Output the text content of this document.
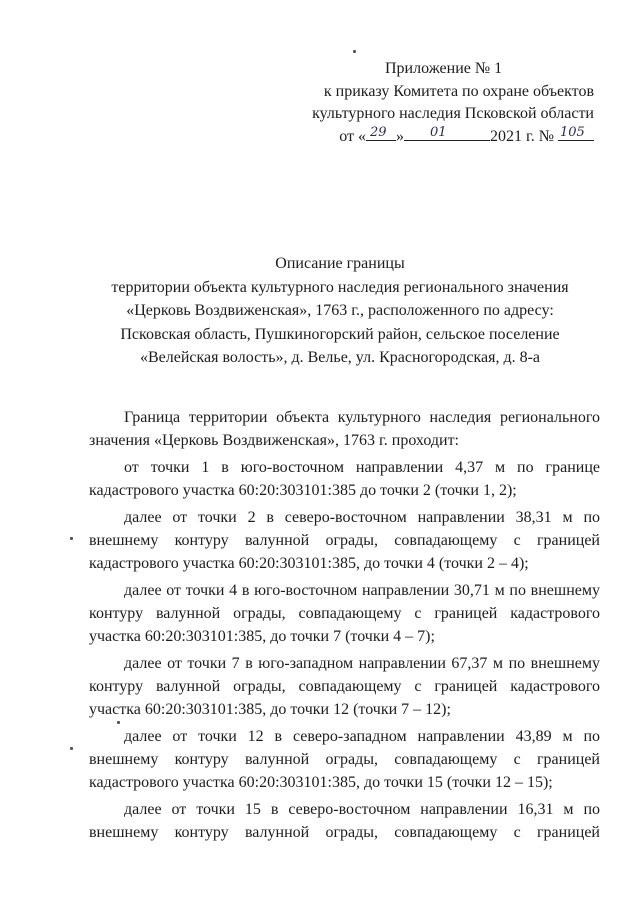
Приложение № 1
к приказу Комитета по охране объектов
культурного наследия Псковской области
от « 29 » 01	2021 г. № 105
Описание границы
территории объекта культурного наследия регионального значения
«Церковь Воздвиженская», 1763 г., расположенного по адресу:
Псковская область, Пушкиногорский район, сельское поселение
«Велейская волость», д. Велье, ул. Красногородская, д. 8-а

Граница территории объекта культурного наследия регионального значения «Церковь Воздвиженская», 1763 г. проходит:

от точки 1 в юго-восточном направлении 4,37 м по границе кадастрового участка 60:20:303101:385 до точки 2 (точки 1, 2);

далее от точки 2 в северо-восточном направлении 38,31 м по внешнему контуру валунной ограды, совпадающему с границей кадастрового участка 60:20:303101:385, до точки 4 (точки 2 – 4);

далее от точки 4 в юго-восточном направлении 30,71 м по внешнему контуру валунной ограды, совпадающему с границей кадастрового участка 60:20:303101:385, до точки 7 (точки 4 – 7);

далее от точки 7 в юго-западном направлении 67,37 м по внешнему контуру валунной ограды, совпадающему с границей кадастрового участка 60:20:303101:385, до точки 12 (точки 7 – 12);

далее от точки 12 в северо-западном направлении 43,89 м по внешнему контуру валунной ограды, совпадающему с границей кадастрового участка 60:20:303101:385, до точки 15 (точки 12 – 15);

далее от точки 15 в северо-восточном направлении 16,31 м по внешнему контуру валунной ограды, совпадающему с границей
